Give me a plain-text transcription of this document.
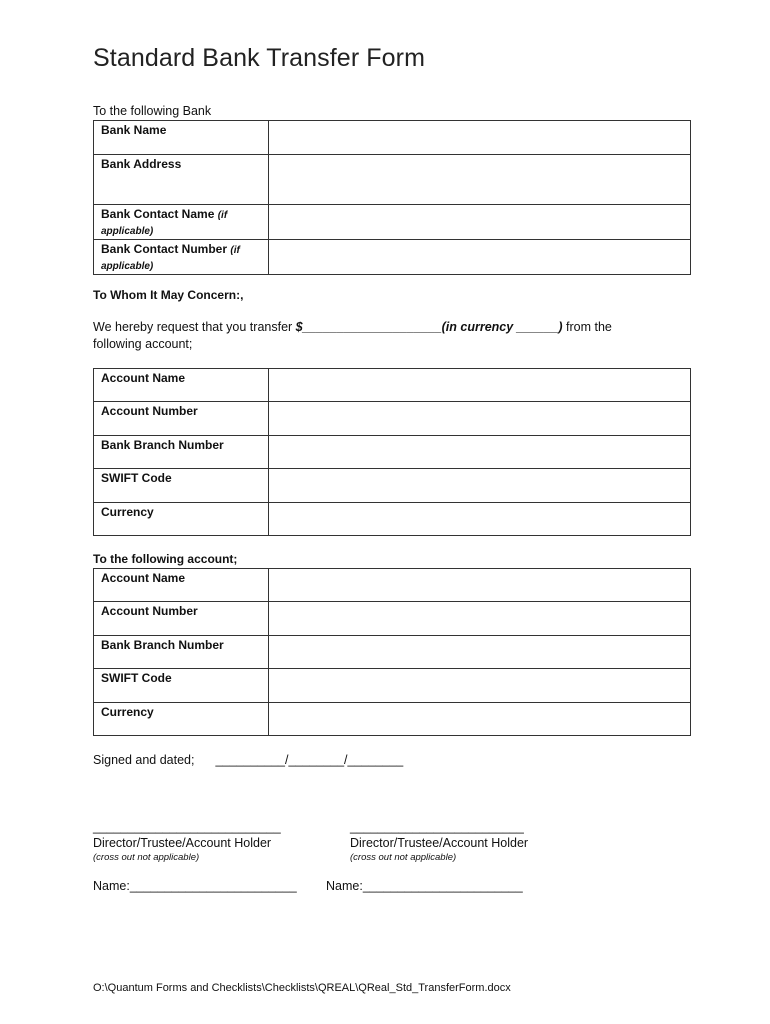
Standard Bank Transfer Form
To the following Bank
Bank Name	
Bank Address	
Bank Contact Name (if applicable)	
Bank Contact Number (if applicable)	
To Whom It May Concern:,
We hereby request that you transfer $____________________(in currency ______) from the following account;
Account Name	
Account Number	
Bank Branch Number	
SWIFT Code	
Currency	
To the following account;
Account Name	
Account Number	
Bank Branch Number	
SWIFT Code	
Currency	
Signed and dated; __________/________/________
___________________________
Director/Trustee/Account Holder
(cross out not applicable)
_________________________
Director/Trustee/Account Holder
(cross out not applicable)
Name:________________________ Name:_______________________
O:\Quantum Forms and Checklists\Checklists\QREAL\QReal_Std_TransferForm.docx
